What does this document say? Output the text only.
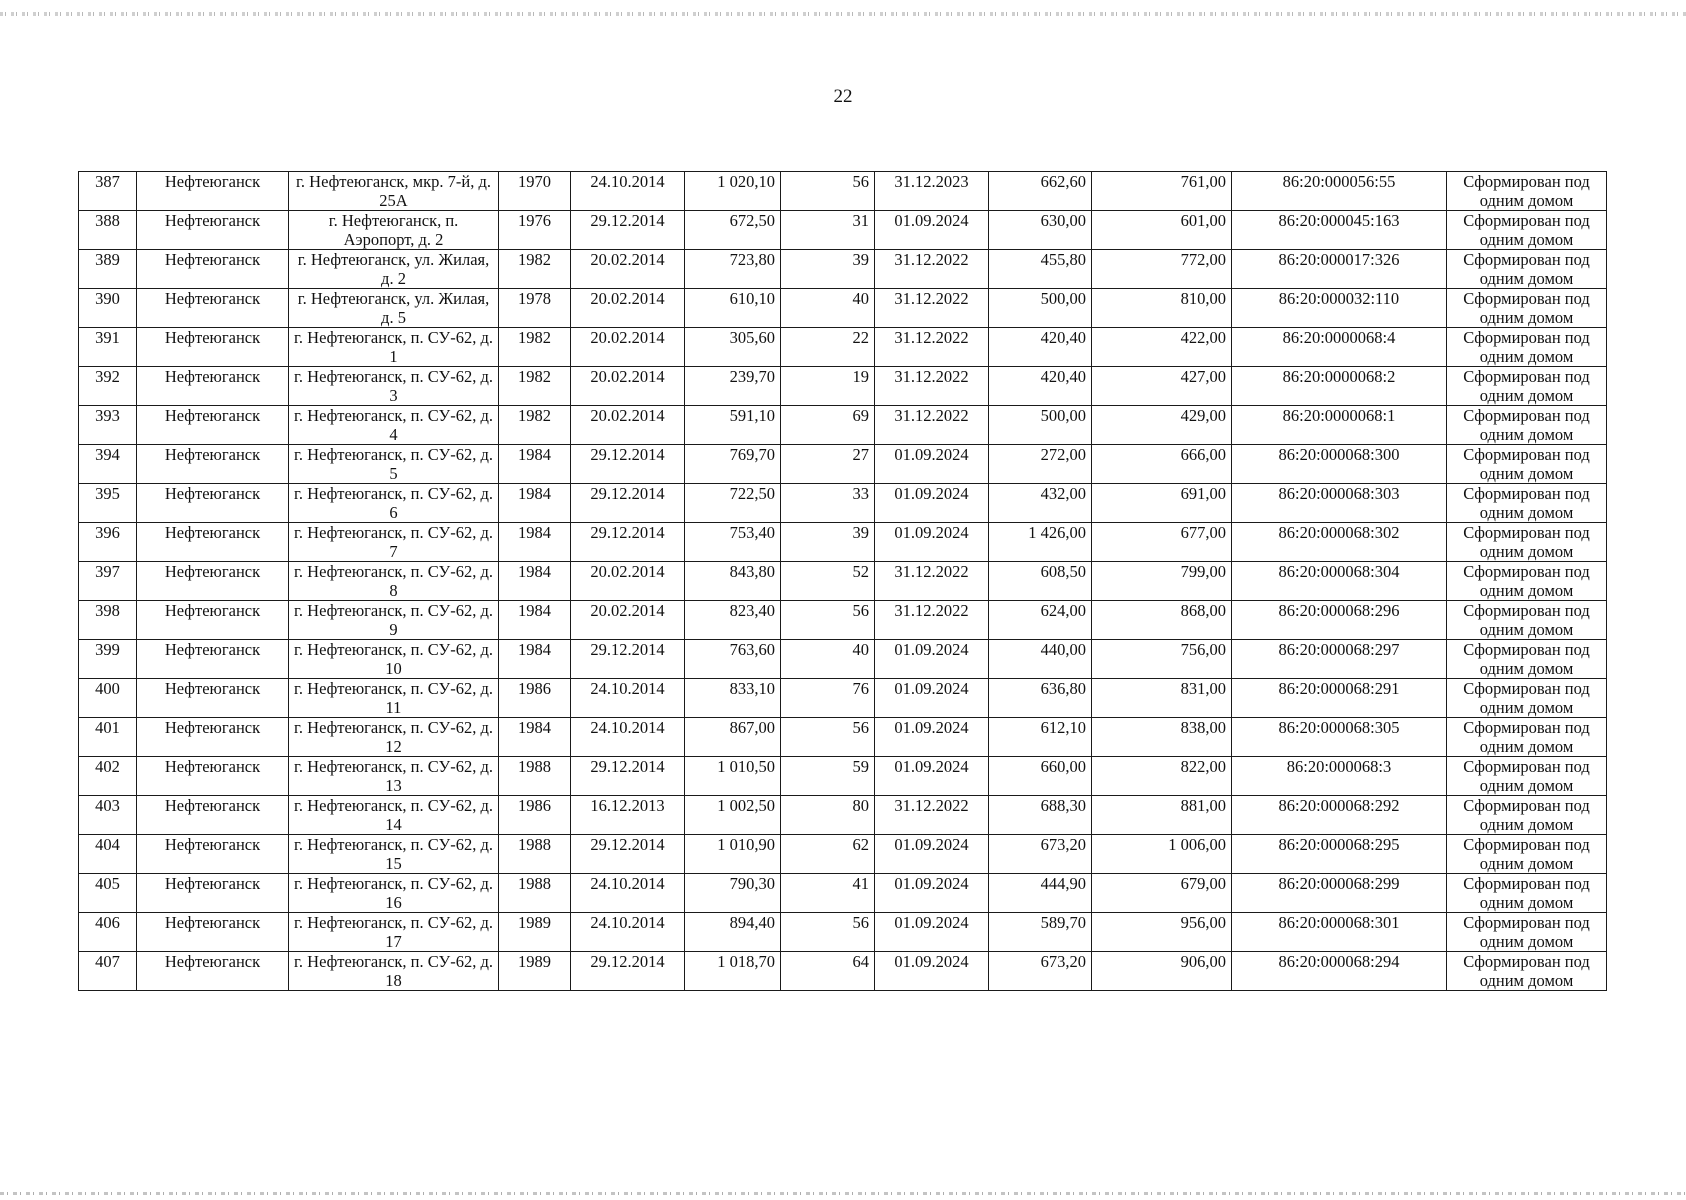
22
387	Нефтеюганск	г. Нефтеюганск, мкр. 7-й, д. 25А	1970	24.10.2014	1 020,10	56	31.12.2023	662,60	761,00	86:20:000056:55	Сформирован под одним домом
388	Нефтеюганск	г. Нефтеюганск, п. Аэропорт, д. 2	1976	29.12.2014	672,50	31	01.09.2024	630,00	601,00	86:20:000045:163	Сформирован под одним домом
389	Нефтеюганск	г. Нефтеюганск, ул. Жилая, д. 2	1982	20.02.2014	723,80	39	31.12.2022	455,80	772,00	86:20:000017:326	Сформирован под одним домом
390	Нефтеюганск	г. Нефтеюганск, ул. Жилая, д. 5	1978	20.02.2014	610,10	40	31.12.2022	500,00	810,00	86:20:000032:110	Сформирован под одним домом
391	Нефтеюганск	г. Нефтеюганск, п. СУ-62, д. 1	1982	20.02.2014	305,60	22	31.12.2022	420,40	422,00	86:20:0000068:4	Сформирован под одним домом
392	Нефтеюганск	г. Нефтеюганск, п. СУ-62, д. 3	1982	20.02.2014	239,70	19	31.12.2022	420,40	427,00	86:20:0000068:2	Сформирован под одним домом
393	Нефтеюганск	г. Нефтеюганск, п. СУ-62, д. 4	1982	20.02.2014	591,10	69	31.12.2022	500,00	429,00	86:20:0000068:1	Сформирован под одним домом
394	Нефтеюганск	г. Нефтеюганск, п. СУ-62, д. 5	1984	29.12.2014	769,70	27	01.09.2024	272,00	666,00	86:20:000068:300	Сформирован под одним домом
395	Нефтеюганск	г. Нефтеюганск, п. СУ-62, д. 6	1984	29.12.2014	722,50	33	01.09.2024	432,00	691,00	86:20:000068:303	Сформирован под одним домом
396	Нефтеюганск	г. Нефтеюганск, п. СУ-62, д. 7	1984	29.12.2014	753,40	39	01.09.2024	1 426,00	677,00	86:20:000068:302	Сформирован под одним домом
397	Нефтеюганск	г. Нефтеюганск, п. СУ-62, д. 8	1984	20.02.2014	843,80	52	31.12.2022	608,50	799,00	86:20:000068:304	Сформирован под одним домом
398	Нефтеюганск	г. Нефтеюганск, п. СУ-62, д. 9	1984	20.02.2014	823,40	56	31.12.2022	624,00	868,00	86:20:000068:296	Сформирован под одним домом
399	Нефтеюганск	г. Нефтеюганск, п. СУ-62, д. 10	1984	29.12.2014	763,60	40	01.09.2024	440,00	756,00	86:20:000068:297	Сформирован под одним домом
400	Нефтеюганск	г. Нефтеюганск, п. СУ-62, д. 11	1986	24.10.2014	833,10	76	01.09.2024	636,80	831,00	86:20:000068:291	Сформирован под одним домом
401	Нефтеюганск	г. Нефтеюганск, п. СУ-62, д. 12	1984	24.10.2014	867,00	56	01.09.2024	612,10	838,00	86:20:000068:305	Сформирован под одним домом
402	Нефтеюганск	г. Нефтеюганск, п. СУ-62, д. 13	1988	29.12.2014	1 010,50	59	01.09.2024	660,00	822,00	86:20:000068:3	Сформирован под одним домом
403	Нефтеюганск	г. Нефтеюганск, п. СУ-62, д. 14	1986	16.12.2013	1 002,50	80	31.12.2022	688,30	881,00	86:20:000068:292	Сформирован под одним домом
404	Нефтеюганск	г. Нефтеюганск, п. СУ-62, д. 15	1988	29.12.2014	1 010,90	62	01.09.2024	673,20	1 006,00	86:20:000068:295	Сформирован под одним домом
405	Нефтеюганск	г. Нефтеюганск, п. СУ-62, д. 16	1988	24.10.2014	790,30	41	01.09.2024	444,90	679,00	86:20:000068:299	Сформирован под одним домом
406	Нефтеюганск	г. Нефтеюганск, п. СУ-62, д. 17	1989	24.10.2014	894,40	56	01.09.2024	589,70	956,00	86:20:000068:301	Сформирован под одним домом
407	Нефтеюганск	г. Нефтеюганск, п. СУ-62, д. 18	1989	29.12.2014	1 018,70	64	01.09.2024	673,20	906,00	86:20:000068:294	Сформирован под одним домом
